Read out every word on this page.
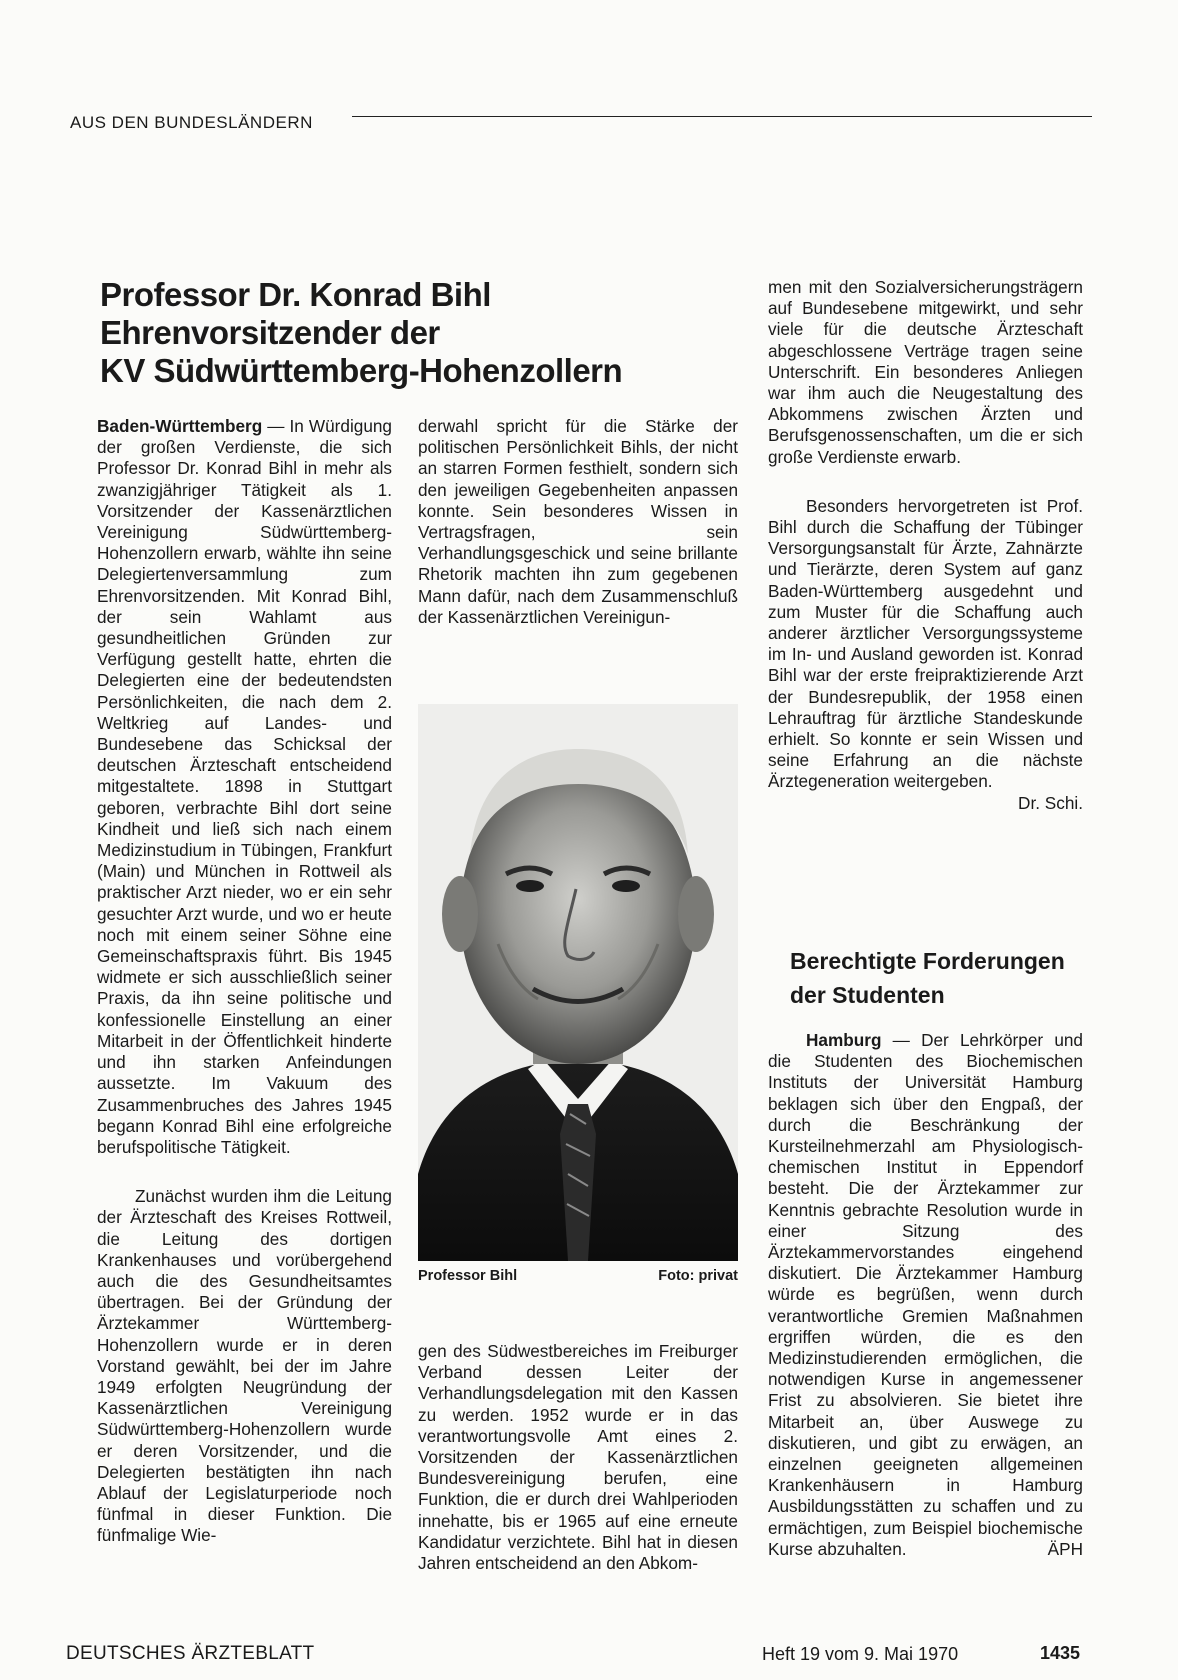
AUS DEN BUNDESLÄNDERN
Professor Dr. Konrad Bihl
Ehrenvorsitzender der
KV Südwürttemberg-Hohenzollern

Baden-Württemberg — In Würdigung der großen Verdienste, die sich Professor Dr. Konrad Bihl in mehr als zwanzigjähriger Tätigkeit als 1. Vorsitzender der Kassenärztlichen Vereinigung Südwürttemberg-Hohenzollern erwarb, wählte ihn seine Delegiertenversammlung zum Ehrenvorsitzenden. Mit Konrad Bihl, der sein Wahlamt aus gesundheitlichen Gründen zur Verfügung gestellt hatte, ehrten die Delegierten eine der bedeutendsten Persönlichkeiten, die nach dem 2. Weltkrieg auf Landes- und Bundesebene das Schicksal der deutschen Ärzteschaft entscheidend mitgestaltete. 1898 in Stuttgart geboren, verbrachte Bihl dort seine Kindheit und ließ sich nach einem Medizinstudium in Tübingen, Frankfurt (Main) und München in Rottweil als praktischer Arzt nieder, wo er ein sehr gesuchter Arzt wurde, und wo er heute noch mit einem seiner Söhne eine Gemeinschaftspraxis führt. Bis 1945 widmete er sich ausschließlich seiner Praxis, da ihn seine politische und konfessionelle Einstellung an einer Mitarbeit in der Öffentlichkeit hinderte und ihn starken Anfeindungen aussetzte. Im Vakuum des Zusammenbruches des Jahres 1945 begann Konrad Bihl eine erfolgreiche berufspolitische Tätigkeit.

Zunächst wurden ihm die Leitung der Ärzteschaft des Kreises Rottweil, die Leitung des dortigen Krankenhauses und vorübergehend auch die des Gesundheitsamtes übertragen. Bei der Gründung der Ärztekammer Württemberg-Hohenzollern wurde er in deren Vorstand gewählt, bei der im Jahre 1949 erfolgten Neugründung der Kassenärztlichen Vereinigung Südwürttemberg-Hohenzollern wurde er deren Vorsitzender, und die Delegierten bestätigten ihn nach Ablauf der Legislaturperiode noch fünfmal in dieser Funktion. Die fünfmalige Wie-

derwahl spricht für die Stärke der politischen Persönlichkeit Bihls, der nicht an starren Formen festhielt, sondern sich den jeweiligen Gegebenheiten anpassen konnte. Sein besonderes Wissen in Vertragsfragen, sein Verhandlungsgeschick und seine brillante Rhetorik machten ihn zum gegebenen Mann dafür, nach dem Zusammenschluß der Kassenärztlichen Vereinigun-

Professor Bihl	Foto: privat

gen des Südwestbereiches im Freiburger Verband dessen Leiter der Verhandlungsdelegation mit den Kassen zu werden. 1952 wurde er in das verantwortungsvolle Amt eines 2. Vorsitzenden der Kassenärztlichen Bundesvereinigung berufen, eine Funktion, die er durch drei Wahlperioden innehatte, bis er 1965 auf eine erneute Kandidatur verzichtete. Bihl hat in diesen Jahren entscheidend an den Abkom-

men mit den Sozialversicherungsträgern auf Bundesebene mitgewirkt, und sehr viele für die deutsche Ärzteschaft abgeschlossene Verträge tragen seine Unterschrift. Ein besonderes Anliegen war ihm auch die Neugestaltung des Abkommens zwischen Ärzten und Berufsgenossenschaften, um die er sich große Verdienste erwarb.

Besonders hervorgetreten ist Prof. Bihl durch die Schaffung der Tübinger Versorgungsanstalt für Ärzte, Zahnärzte und Tierärzte, deren System auf ganz Baden-Württemberg ausgedehnt und zum Muster für die Schaffung auch anderer ärztlicher Versorgungssysteme im In- und Ausland geworden ist. Konrad Bihl war der erste freipraktizierende Arzt der Bundesrepublik, der 1958 einen Lehrauftrag für ärztliche Standeskunde erhielt. So konnte er sein Wissen und seine Erfahrung an die nächste Ärztegeneration weitergeben.
Dr. Schi.

Berechtigte Forderungen
der Studenten

Hamburg — Der Lehrkörper und die Studenten des Biochemischen Instituts der Universität Hamburg beklagen sich über den Engpaß, der durch die Beschränkung der Kursteilnehmerzahl am Physiologisch-chemischen Institut in Eppendorf besteht. Die der Ärztekammer zur Kenntnis gebrachte Resolution wurde in einer Sitzung des Ärztekammervorstandes eingehend diskutiert. Die Ärztekammer Hamburg würde es begrüßen, wenn durch verantwortliche Gremien Maßnahmen ergriffen würden, die es den Medizinstudierenden ermöglichen, die notwendigen Kurse in angemessener Frist zu absolvieren. Sie bietet ihre Mitarbeit an, über Auswege zu diskutieren, und gibt zu erwägen, an einzelnen geeigneten allgemeinen Krankenhäusern in Hamburg Ausbildungsstätten zu schaffen und zu ermächtigen, zum Beispiel biochemische Kurse abzuhalten.	ÄPH

DEUTSCHES ÄRZTEBLATT	Heft 19 vom 9. Mai 1970	1435
